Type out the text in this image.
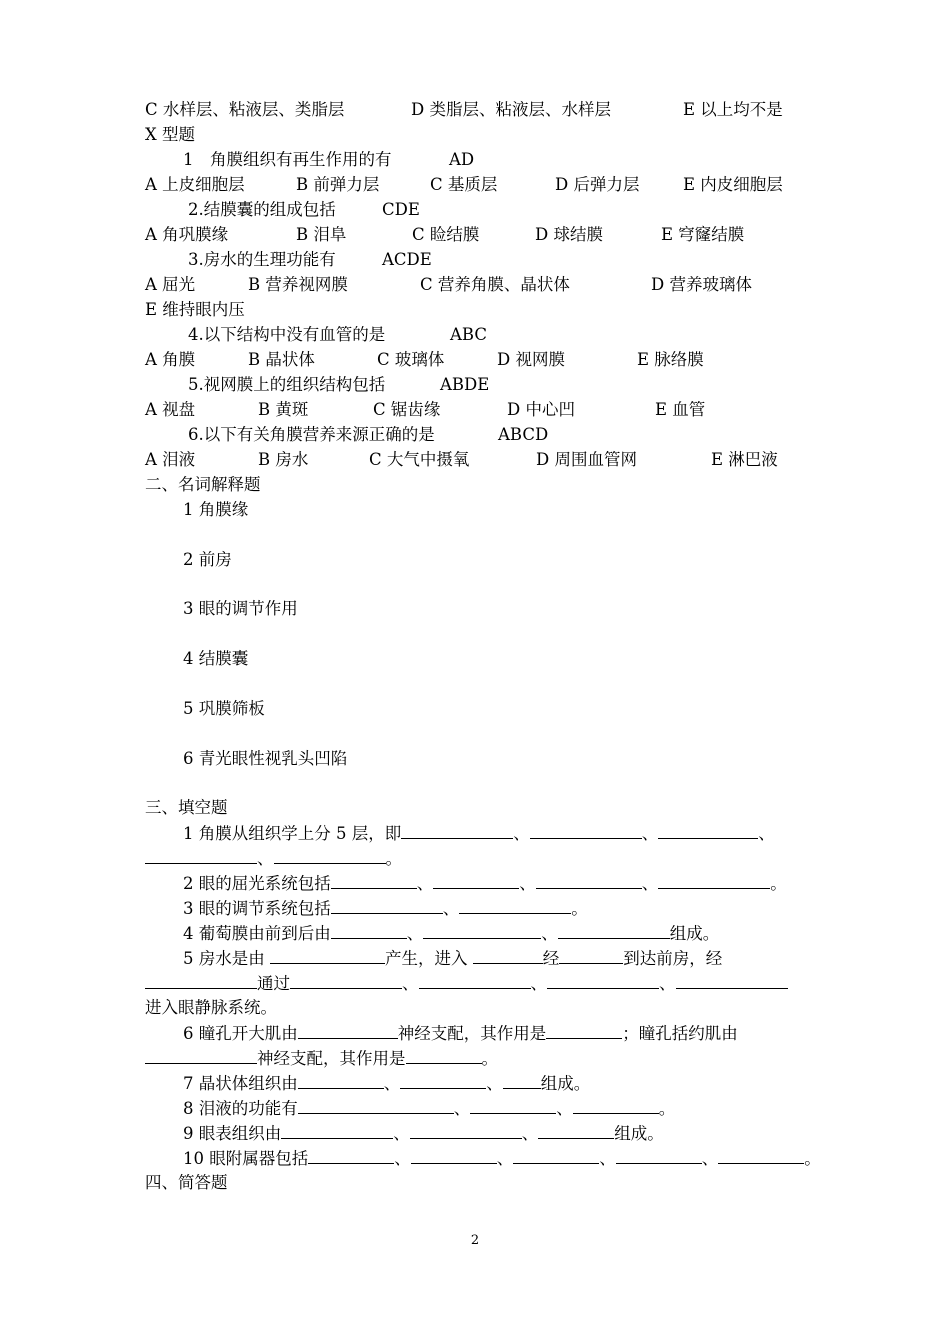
C 水样层、粘液层、类脂层	D 类脂层、粘液层、水样层	E 以上均不是
X 型题
1　角膜组织有再生作用的有	AD
A 上皮细胞层	B 前弹力层	C 基质层	D 后弹力层	E 内皮细胞层
2.结膜囊的组成包括	CDE
A 角巩膜缘	B 泪阜	C 睑结膜	D 球结膜	E 穹窿结膜
3.房水的生理功能有	ACDE
A 屈光	B 营养视网膜	C 营养角膜、晶状体	D 营养玻璃体
E 维持眼内压
4.以下结构中没有血管的是	ABC
A 角膜	B 晶状体	C 玻璃体	D 视网膜	E 脉络膜
5.视网膜上的组织结构包括	ABDE
A 视盘	B 黄斑	C 锯齿缘	D 中心凹	E 血管
6.以下有关角膜营养来源正确的是	ABCD
A 泪液	B 房水	C 大气中摄氧	D 周围血管网	E 淋巴液
二、名词解释题
1 角膜缘
2 前房
3 眼的调节作用
4 结膜囊
5 巩膜筛板
6 青光眼性视乳头凹陷
三、填空题
1 角膜从组织学上分 5 层，即	、	、	、
、	。
2 眼的屈光系统包括	、	、	、	。
3 眼的调节系统包括	、	。
4 葡萄膜由前到后由	、	、	组成。
5 房水是由	产生，进入	经	到达前房，经
通过	、	、	、
进入眼静脉系统。
6 瞳孔开大肌由	神经支配，其作用是	；瞳孔括约肌由
神经支配，其作用是	。
7 晶状体组织由	、	、 组成。
8 泪液的功能有	、	、	。
9 眼表组织由	、	、	组成。
10 眼附属器包括	、	、	、	、	。
四、简答题
2
